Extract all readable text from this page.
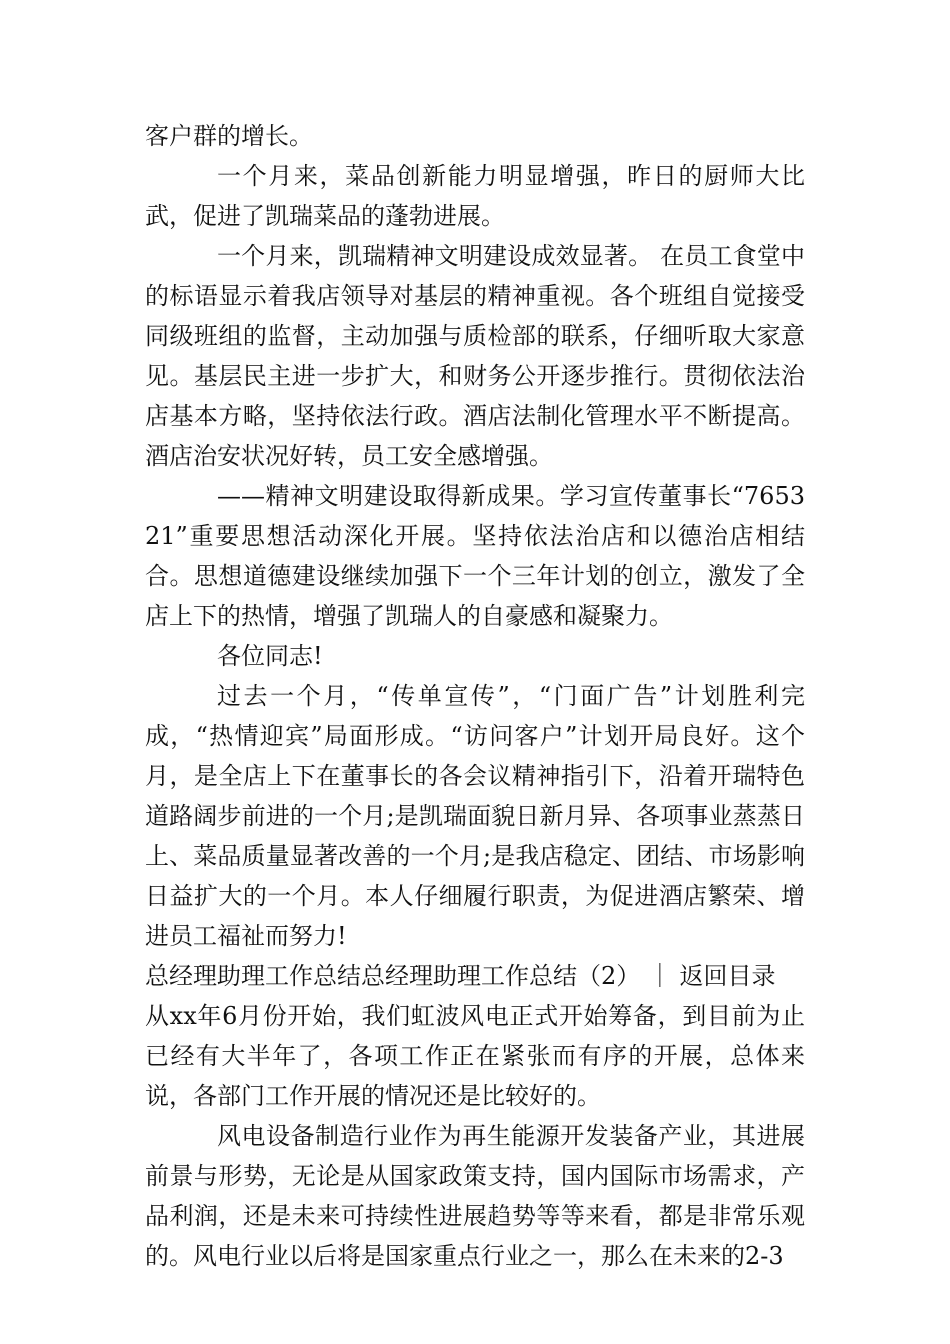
客户群的增长。

一个月来，菜品创新能力明显增强，昨日的厨师大比武，促进了凯瑞菜品的蓬勃进展。

一个月来，凯瑞精神文明建设成效显著。 在员工食堂中的标语显示着我店领导对基层的精神重视。各个班组自觉接受同级班组的监督，主动加强与质检部的联系，仔细听取大家意见。基层民主进一步扩大，和财务公开逐步推行。贯彻依法治店基本方略，坚持依法行政。酒店法制化管理水平不断提高。酒店治安状况好转，员工安全感增强。

——精神文明建设取得新成果。学习宣传董事长“765321”重要思想活动深化开展。坚持依法治店和以德治店相结合。思想道德建设继续加强下一个三年计划的创立，激发了全店上下的热情，增强了凯瑞人的自豪感和凝聚力。

各位同志!

过去一个月，“传单宣传”，“门面广告”计划胜利完成，“热情迎宾”局面形成。“访问客户”计划开局良好。这个月，是全店上下在董事长的各会议精神指引下，沿着开瑞特色道路阔步前进的一个月;是凯瑞面貌日新月异、各项事业蒸蒸日上、菜品质量显著改善的一个月;是我店稳定、团结、市场影响日益扩大的一个月。本人仔细履行职责，为促进酒店繁荣、增进员工福祉而努力!

总经理助理工作总结总经理助理工作总结（2） ｜ 返回目录

从xx年6月份开始，我们虹波风电正式开始筹备，到目前为止已经有大半年了，各项工作正在紧张而有序的开展，总体来说，各部门工作开展的情况还是比较好的。

风电设备制造行业作为再生能源开发装备产业，其进展前景与形势，无论是从国家政策支持，国内国际市场需求，产品利润，还是未来可持续性进展趋势等等来看，都是非常乐观的。风电行业以后将是国家重点行业之一，那么在未来的2-3
